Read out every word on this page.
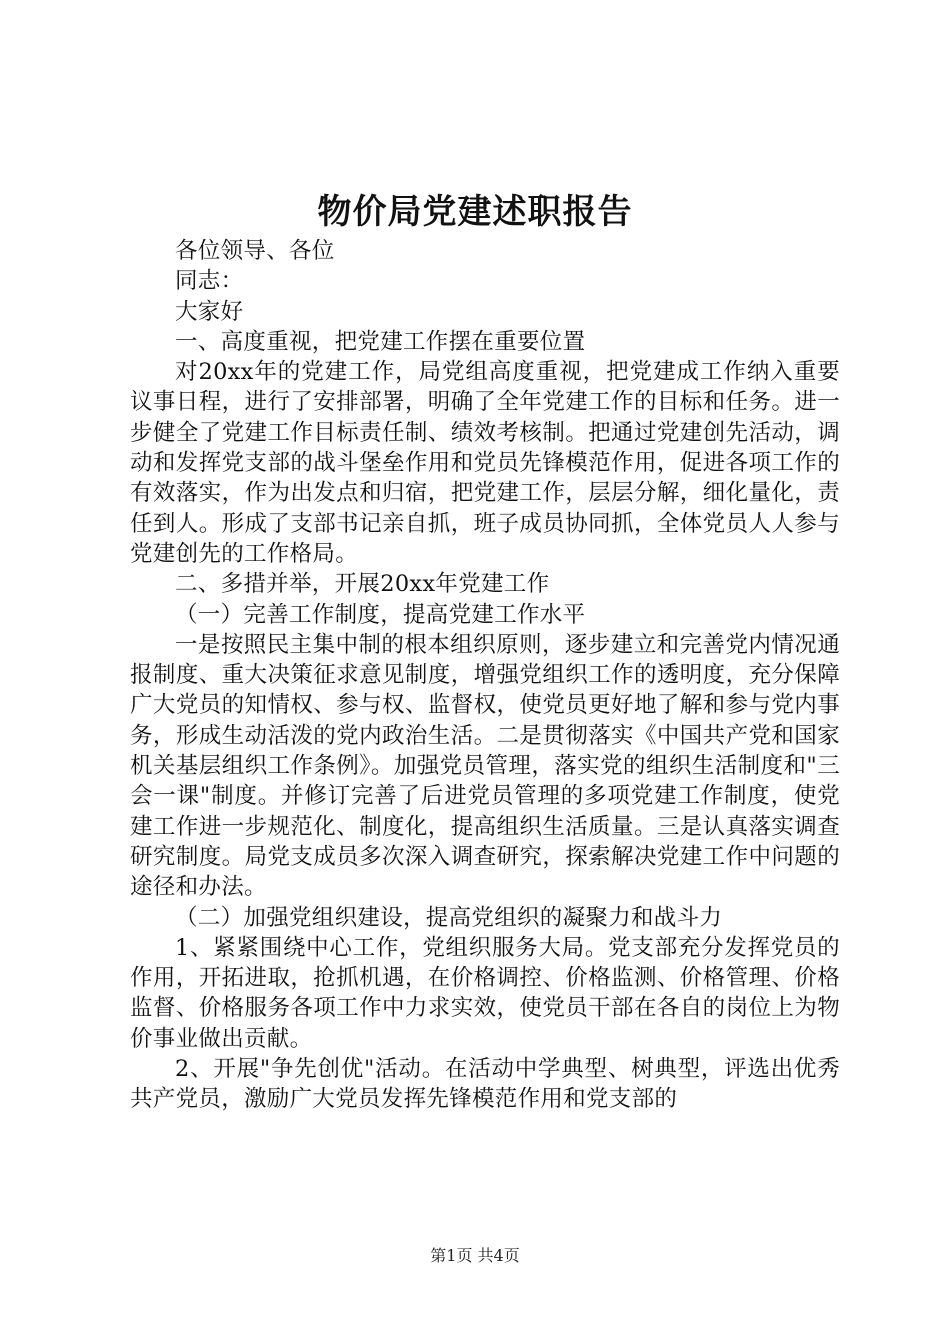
物价局党建述职报告

各位领导、各位

同志：

大家好

一、高度重视，把党建工作摆在重要位置

对20xx年的党建工作，局党组高度重视，把党建成工作纳入重要议事日程，进行了安排部署，明确了全年党建工作的目标和任务。进一步健全了党建工作目标责任制、绩效考核制。把通过党建创先活动，调动和发挥党支部的战斗堡垒作用和党员先锋模范作用，促进各项工作的有效落实，作为出发点和归宿，把党建工作，层层分解，细化量化，责任到人。形成了支部书记亲自抓，班子成员协同抓，全体党员人人参与党建创先的工作格局。

二、多措并举，开展20xx年党建工作

（一）完善工作制度，提高党建工作水平

一是按照民主集中制的根本组织原则，逐步建立和完善党内情况通报制度、重大决策征求意见制度，增强党组织工作的透明度，充分保障广大党员的知情权、参与权、监督权，使党员更好地了解和参与党内事务，形成生动活泼的党内政治生活。二是贯彻落实《中国共产党和国家机关基层组织工作条例》。加强党员管理，落实党的组织生活制度和"三会一课"制度。并修订完善了后进党员管理的多项党建工作制度，使党建工作进一步规范化、制度化，提高组织生活质量。三是认真落实调查研究制度。局党支成员多次深入调查研究，探索解决党建工作中问题的途径和办法。

（二）加强党组织建设，提高党组织的凝聚力和战斗力

1、紧紧围绕中心工作，党组织服务大局。党支部充分发挥党员的作用，开拓进取，抢抓机遇，在价格调控、价格监测、价格管理、价格监督、价格服务各项工作中力求实效，使党员干部在各自的岗位上为物价事业做出贡献。

2、开展"争先创优"活动。在活动中学典型、树典型，评选出优秀共产党员，激励广大党员发挥先锋模范作用和党支部的

第1页 共4页
